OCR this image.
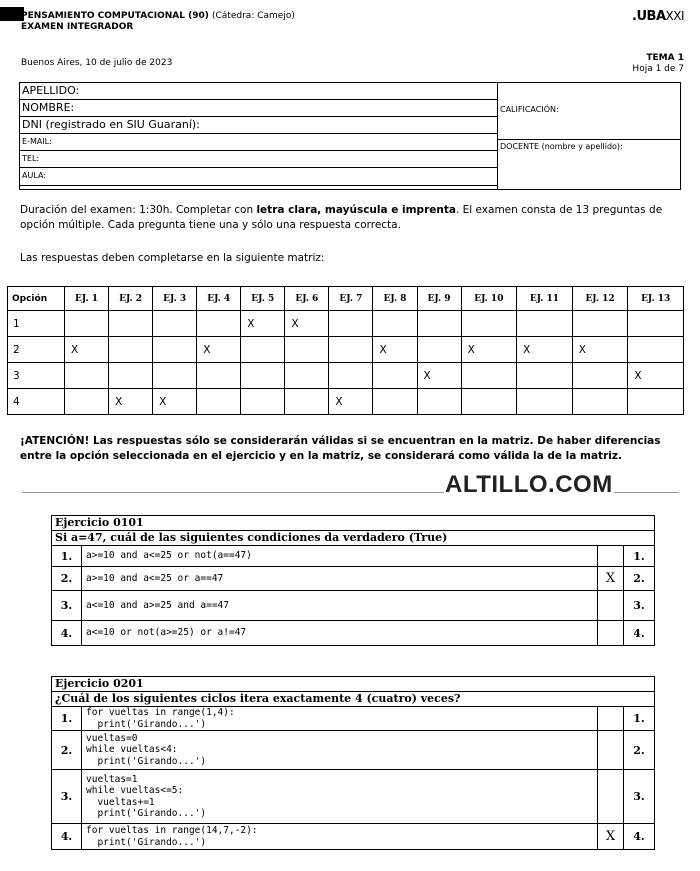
PENSAMIENTO COMPUTACIONAL (90) (Cátedra: Camejo)
EXAMEN INTEGRADOR
.UBAXXI
Buenos Aires, 10 de julio de 2023	TEMA 1
Hoja 1 de 7
APELLIDO:
NOMBRE:
DNI (registrado en SIU Guaraní):
E-MAIL:
TEL:
AULA:
CALIFICACIÓN:
DOCENTE (nombre y apellido):
Duración del examen: 1:30h. Completar con letra clara, mayúscula e imprenta. El examen consta de 13 preguntas de opción múltiple. Cada pregunta tiene una y sólo una respuesta correcta.
Las respuestas deben completarse en la siguiente matriz:
Opción	EJ. 1	EJ. 2	EJ. 3	EJ. 4	EJ. 5	EJ. 6	EJ. 7	EJ. 8	EJ. 9	EJ. 10	EJ. 11	EJ. 12	EJ. 13
1					X	X							
2	X			X				X		X	X	X	
3									X				X
4		X	X				X						
¡ATENCIÓN! Las respuestas sólo se considerarán válidas si se encuentran en la matriz. De haber diferencias entre la opción seleccionada en el ejercicio y en la matriz, se considerará como válida la de la matriz.
ALTILLO.COM
Ejercicio 0101
Si a=47, cuál de las siguientes condiciones da verdadero (True)
1.	a>=10 and a<=25 or not(a==47)	1.
2.	a>=10 and a<=25 or a==47	X	2.
3.	a<=10 and a>=25 and a==47	3.
4.	a<=10 or not(a>=25) or a!=47	4.
Ejercicio 0201
¿Cuál de los siguientes ciclos itera exactamente 4 (cuatro) veces?
1.	for vueltas in range(1,4):
print('Girando...')	1.
2.
vueltas=0
while vueltas<4:
print('Girando...')
2.
3.
vueltas=1
while vueltas<=5:
vueltas+=1
print('Girando...')
3.
4.	for vueltas in range(14,7,-2):
print('Girando...')	X	4.
